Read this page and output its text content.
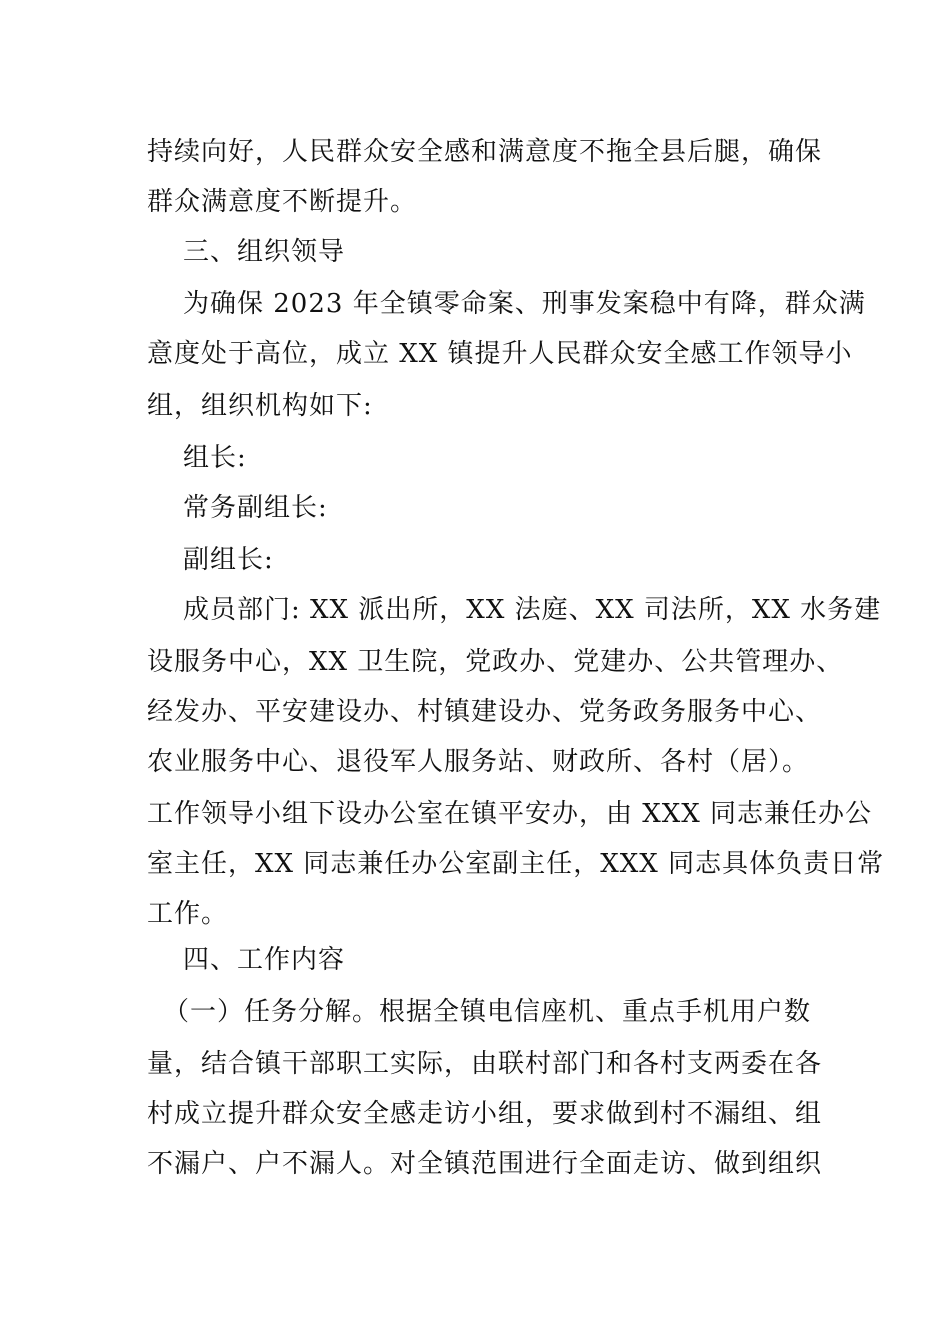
持续向好，人民群众安全感和满意度不拖全县后腿，确保

群众满意度不断提升。

三、组织领导

为确保 2023 年全镇零命案、刑事发案稳中有降，群众满

意度处于高位，成立 XX 镇提升人民群众安全感工作领导小

组，组织机构如下:

组长:

常务副组长:

副组长:

成员部门: XX 派出所，XX 法庭、XX 司法所，XX 水务建

设服务中心，XX 卫生院，党政办、党建办、公共管理办、

经发办、平安建设办、村镇建设办、党务政务服务中心、

农业服务中心、退役军人服务站、财政所、各村（居）。

工作领导小组下设办公室在镇平安办，由 XXX 同志兼任办公

室主任，XX 同志兼任办公室副主任，XXX 同志具体负责日常

工作。

四、工作内容

（一）任务分解。根据全镇电信座机、重点手机用户数

量，结合镇干部职工实际，由联村部门和各村支两委在各

村成立提升群众安全感走访小组，要求做到村不漏组、组

不漏户、户不漏人。对全镇范围进行全面走访、做到组织
